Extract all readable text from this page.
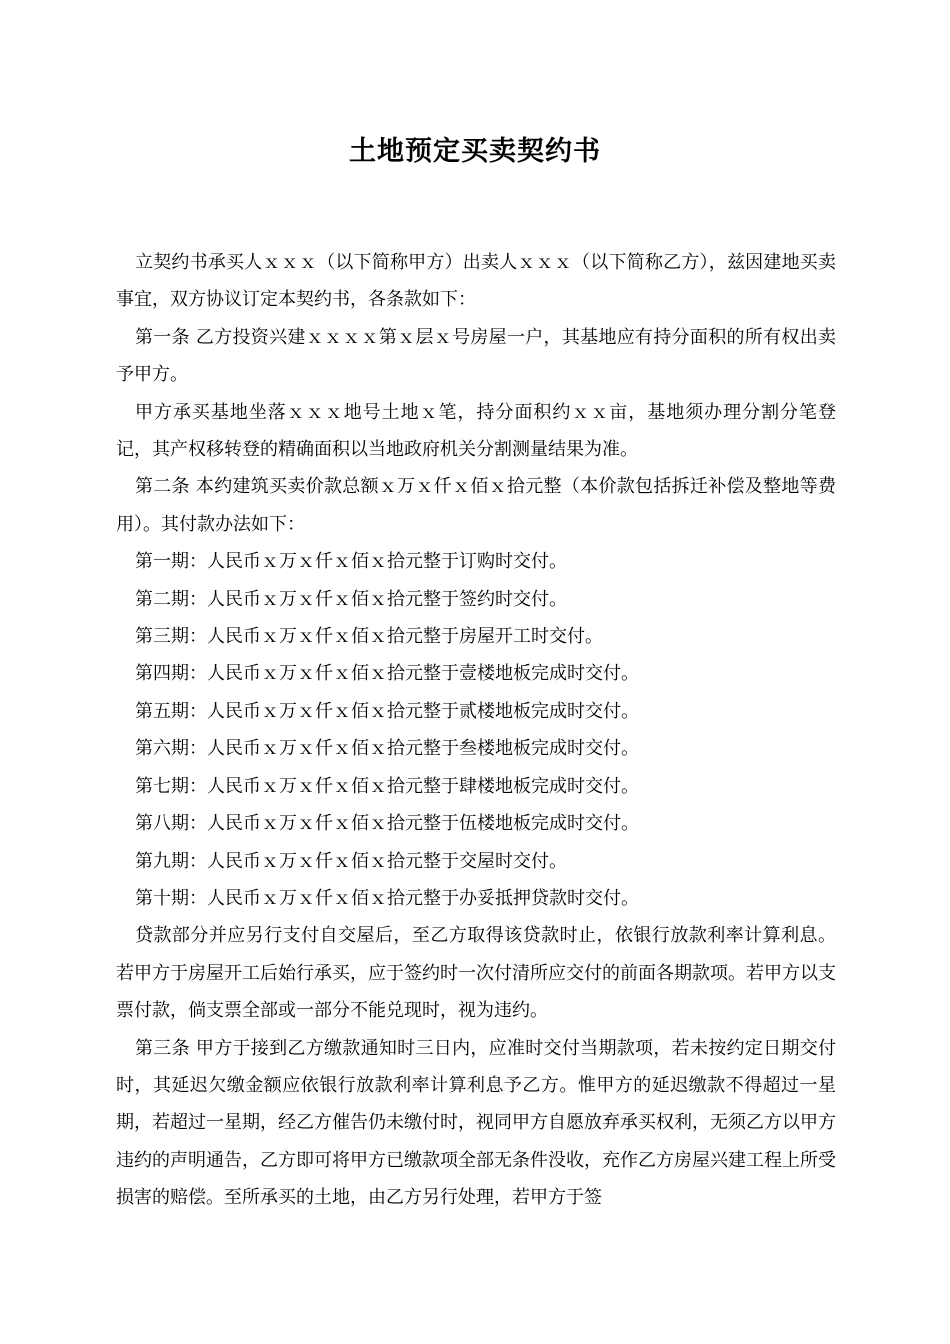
土地预定买卖契约书

立契约书承买人ｘｘｘ（以下简称甲方）出卖人ｘｘｘ（以下简称乙方），兹因建地买卖事宜，双方协议订定本契约书，各条款如下：

第一条 乙方投资兴建ｘｘｘｘ第ｘ层ｘ号房屋一户，其基地应有持分面积的所有权出卖予甲方。

甲方承买基地坐落ｘｘｘ地号土地ｘ笔，持分面积约ｘｘ亩，基地须办理分割分笔登记，其产权移转登的精确面积以当地政府机关分割测量结果为准。

第二条 本约建筑买卖价款总额ｘ万ｘ仟ｘ佰ｘ拾元整（本价款包括拆迁补偿及整地等费用）。其付款办法如下：

第一期：人民币ｘ万ｘ仟ｘ佰ｘ拾元整于订购时交付。

第二期：人民币ｘ万ｘ仟ｘ佰ｘ拾元整于签约时交付。

第三期：人民币ｘ万ｘ仟ｘ佰ｘ拾元整于房屋开工时交付。

第四期：人民币ｘ万ｘ仟ｘ佰ｘ拾元整于壹楼地板完成时交付。

第五期：人民币ｘ万ｘ仟ｘ佰ｘ拾元整于贰楼地板完成时交付。

第六期：人民币ｘ万ｘ仟ｘ佰ｘ拾元整于叁楼地板完成时交付。

第七期：人民币ｘ万ｘ仟ｘ佰ｘ拾元整于肆楼地板完成时交付。

第八期：人民币ｘ万ｘ仟ｘ佰ｘ拾元整于伍楼地板完成时交付。

第九期：人民币ｘ万ｘ仟ｘ佰ｘ拾元整于交屋时交付。

第十期：人民币ｘ万ｘ仟ｘ佰ｘ拾元整于办妥抵押贷款时交付。

贷款部分并应另行支付自交屋后，至乙方取得该贷款时止，依银行放款利率计算利息。若甲方于房屋开工后始行承买，应于签约时一次付清所应交付的前面各期款项。若甲方以支票付款，倘支票全部或一部分不能兑现时，视为违约。

第三条 甲方于接到乙方缴款通知时三日内，应准时交付当期款项，若未按约定日期交付时，其延迟欠缴金额应依银行放款利率计算利息予乙方。惟甲方的延迟缴款不得超过一星期，若超过一星期，经乙方催告仍未缴付时，视同甲方自愿放弃承买权利，无须乙方以甲方违约的声明通告，乙方即可将甲方已缴款项全部无条件没收，充作乙方房屋兴建工程上所受损害的赔偿。至所承买的土地，由乙方另行处理，若甲方于签
